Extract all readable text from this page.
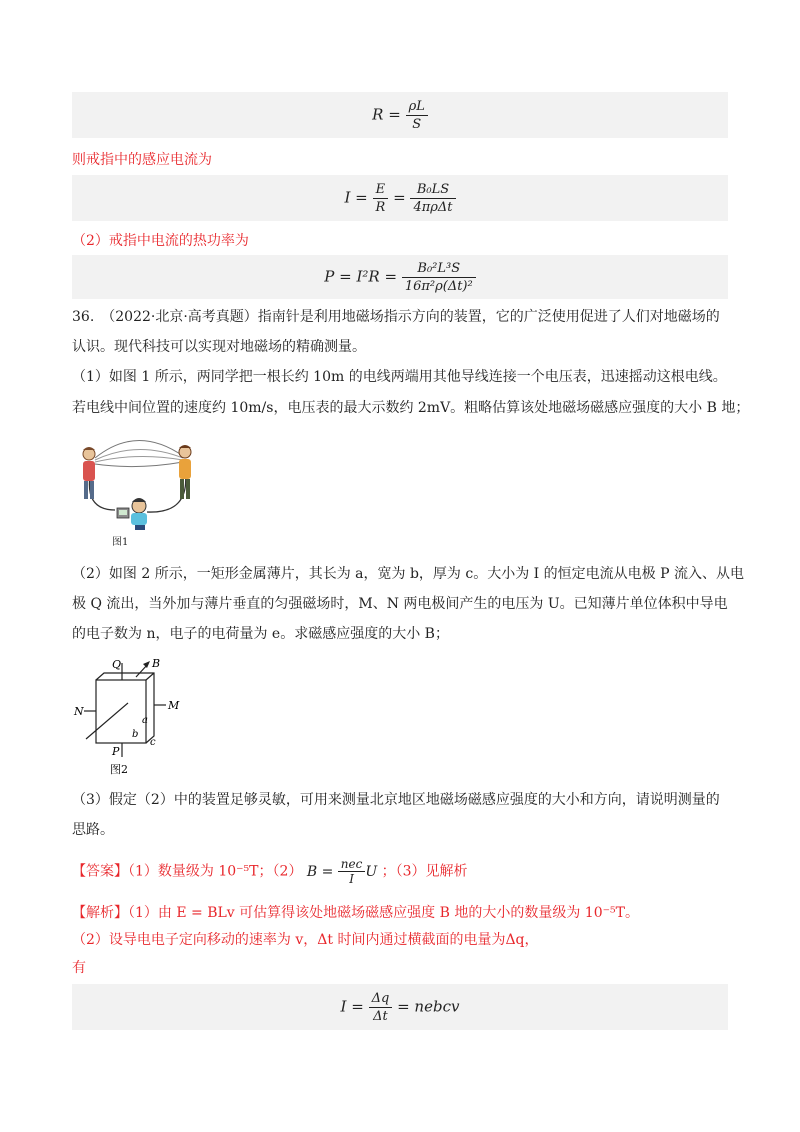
$R = \frac{\rho L}{S}$
则戒指中的感应电流为
$I = \frac{E}{R} = \frac{\text{B₀LS}}{\text{4πρΔt}}$
（2）戒指中电流的热功率为
$P = I^2R = \frac{\text{B₀²L³S}}{\text{16π²ρ(Δt)²}}$
36.　（2022·北京·高考真题）指南针是利用地磁场指示方向的装置，它的广泛使用促进了人们对地磁场的
认识。现代科技可以实现对地磁场的精确测量。
（1）如图 1 所示，两同学把一根长约 10m 的电线两端用其他导线连接一个电压表，迅速摇动这根电线。
若电线中间位置的速度约 10m/s，电压表的最大示数约 2mV。粗略估算该处地磁场磁感应强度的大小 B 地；
图1
（2）如图 2 所示，一矩形金属薄片，其长为 a，宽为 b，厚为 c。大小为 I 的恒定电流从电极 P 流入、从电
极 Q 流出，当外加与薄片垂直的匀强磁场时，M、N 两电极间产生的电压为 U。已知薄片单位体积中导电
的电子数为 n，电子的电荷量为 e。求磁感应强度的大小 B；
Q	B
N	M
a
b
c
P
图2
（3）假定（2）中的装置足够灵敏，可用来测量北京地区地磁场磁感应强度的大小和方向，请说明测量的
思路。
【答案】（1）数量级为 10⁻⁵T；（2） $B = \frac{\text{nec}}{I}$ U ；（3）见解析
【解析】（1）由 E = BLv 可估算得该处地磁场磁感应强度 B 地的大小的数量级为 10⁻⁵T。
（2）设导电电子定向移动的速率为 v，Δt 时间内通过横截面的电量为Δq，
有
$I = \frac{\Delta q}{\Delta t}$ = nebcv
